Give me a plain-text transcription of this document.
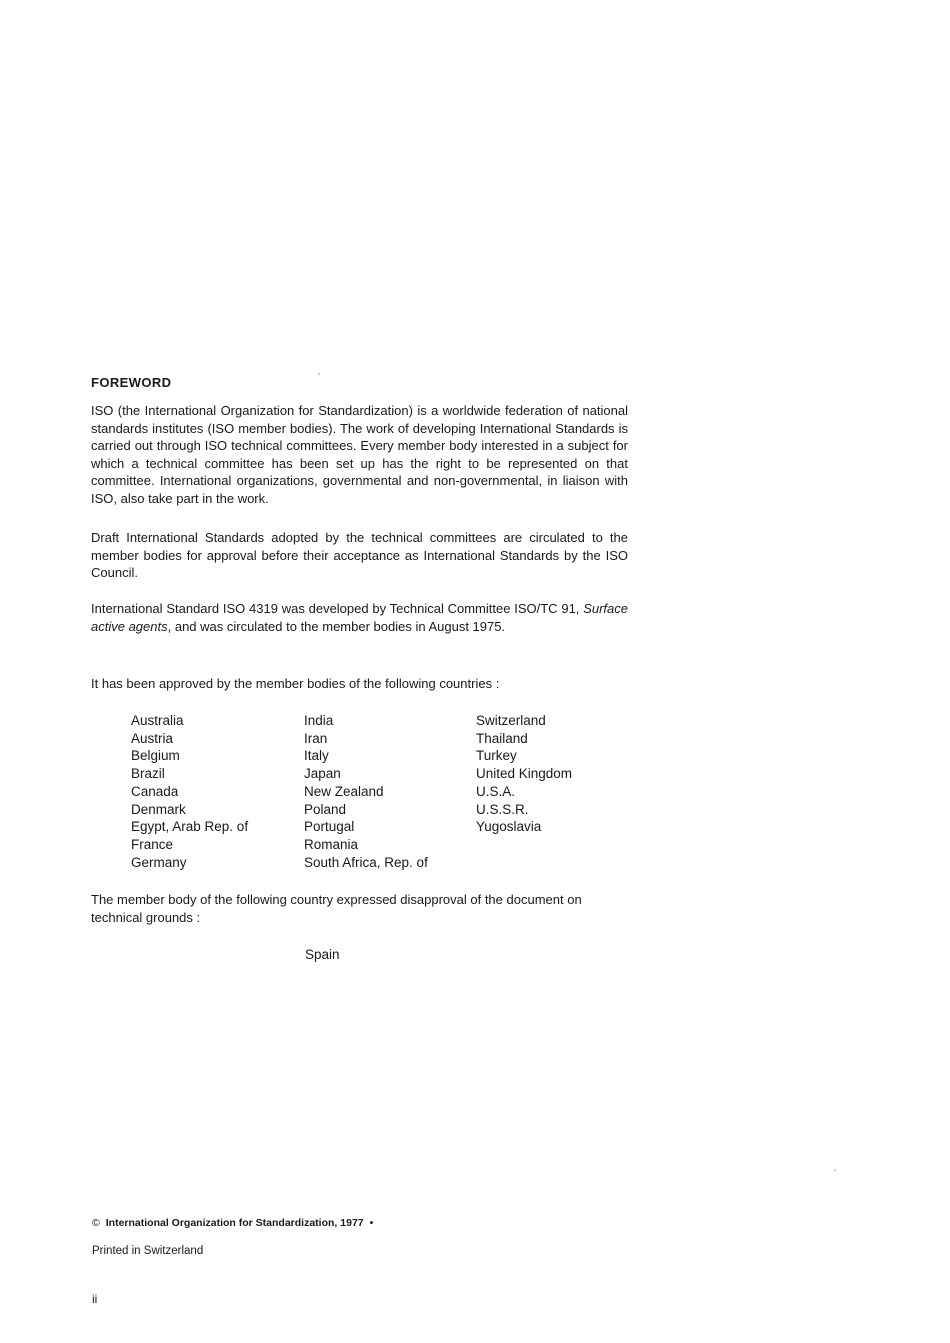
FOREWORD

ISO (the International Organization for Standardization) is a worldwide federation of national standards institutes (ISO member bodies). The work of developing International Standards is carried out through ISO technical committees. Every member body interested in a subject for which a technical committee has been set up has the right to be represented on that committee. International organizations, governmental and non-governmental, in liaison with ISO, also take part in the work.

Draft International Standards adopted by the technical committees are circulated to the member bodies for approval before their acceptance as International Standards by the ISO Council.

International Standard ISO 4319 was developed by Technical Committee ISO/TC 91, Surface active agents, and was circulated to the member bodies in August 1975.

It has been approved by the member bodies of the following countries :

Australia
Austria
Belgium
Brazil
Canada
Denmark
Egypt, Arab Rep. of
France
Germany
India
Iran
Italy
Japan
New Zealand
Poland
Portugal
Romania
South Africa, Rep. of
Switzerland
Thailand
Turkey
United Kingdom
U.S.A.
U.S.S.R.
Yugoslavia

The member body of the following country expressed disapproval of the document on technical grounds :

Spain
© International Organization for Standardization, 1977 •
Printed in Switzerland
ii
